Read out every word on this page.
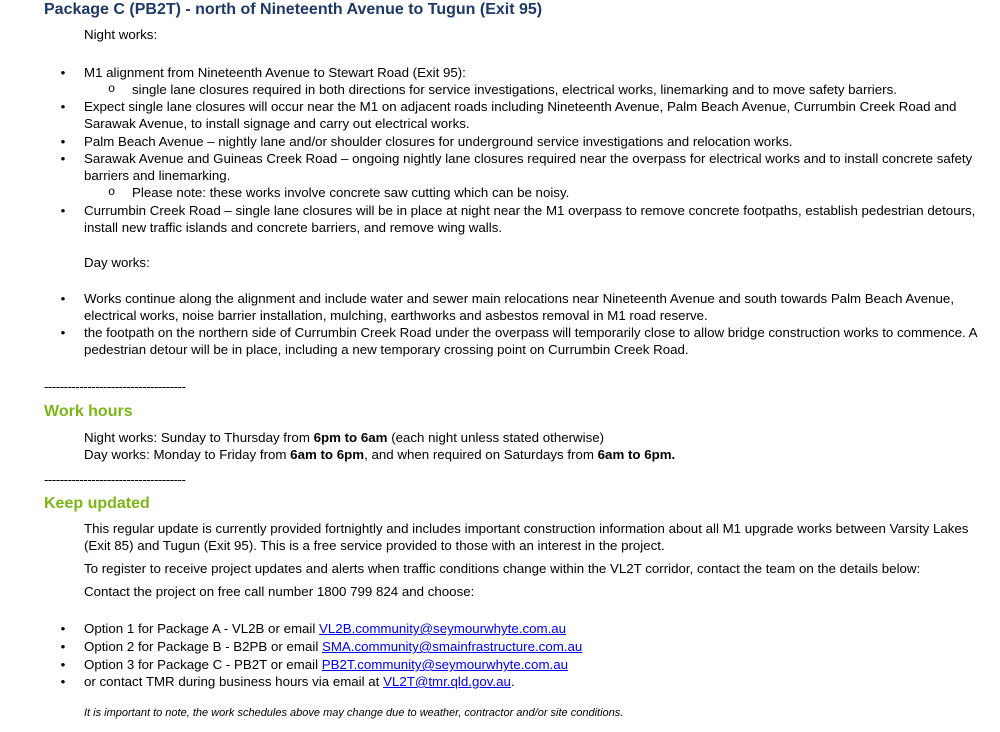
Package C (PB2T) - north of Nineteenth Avenue to Tugun (Exit 95)
Night works:
• M1 alignment from Nineteenth Avenue to Stewart Road (Exit 95):
o single lane closures required in both directions for service investigations, electrical works, linemarking and to move safety barriers.
• Expect single lane closures will occur near the M1 on adjacent roads including Nineteenth Avenue, Palm Beach Avenue, Currumbin Creek Road and Sarawak Avenue, to install signage and carry out electrical works.
• Palm Beach Avenue – nightly lane and/or shoulder closures for underground service investigations and relocation works.
• Sarawak Avenue and Guineas Creek Road – ongoing nightly lane closures required near the overpass for electrical works and to install concrete safety barriers and linemarking.
o Please note: these works involve concrete saw cutting which can be noisy.
• Currumbin Creek Road – single lane closures will be in place at night near the M1 overpass to remove concrete footpaths, establish pedestrian detours, install new traffic islands and concrete barriers, and remove wing walls.
Day works:
• Works continue along the alignment and include water and sewer main relocations near Nineteenth Avenue and south towards Palm Beach Avenue, electrical works, noise barrier installation, mulching, earthworks and asbestos removal in M1 road reserve.
• the footpath on the northern side of Currumbin Creek Road under the overpass will temporarily close to allow bridge construction works to commence. A pedestrian detour will be in place, including a new temporary crossing point on Currumbin Creek Road.
------------------------------------
Work hours
Night works: Sunday to Thursday from 6pm to 6am (each night unless stated otherwise)
Day works: Monday to Friday from 6am to 6pm, and when required on Saturdays from 6am to 6pm.
------------------------------------
Keep updated
This regular update is currently provided fortnightly and includes important construction information about all M1 upgrade works between Varsity Lakes (Exit 85) and Tugun (Exit 95). This is a free service provided to those with an interest in the project.
To register to receive project updates and alerts when traffic conditions change within the VL2T corridor, contact the team on the details below:
Contact the project on free call number 1800 799 824 and choose:
• Option 1 for Package A - VL2B or email VL2B.community@seymourwhyte.com.au
• Option 2 for Package B - B2PB or email SMA.community@smainfrastructure.com.au
• Option 3 for Package C - PB2T or email PB2T.community@seymourwhyte.com.au
• or contact TMR during business hours via email at VL2T@tmr.qld.gov.au.
It is important to note, the work schedules above may change due to weather, contractor and/or site conditions.
